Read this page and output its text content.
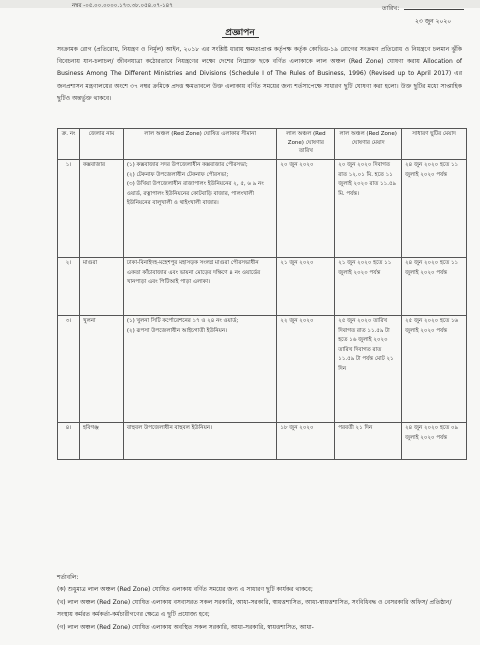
নম্বর -০৫.০০.০০০০.১৭৩.৩৮.০৫৪.০৭-১৪৭	তারিখ:
২৩ জুন ২০২০
প্রজ্ঞাপন
সংক্রামক রোগ (প্রতিরোধ, নিয়ন্ত্রণ ও নির্মূল) আইন, ২০১৮ এর সংশ্লিষ্ট ধারায় ক্ষমতাপ্রাপ্ত কর্তৃপক্ষ কর্তৃক কোভিড-১৯ রোগের সংক্রমণ প্রতিরোধ ও নিয়ন্ত্রণে চলমান ঝুঁকি বিবেচনায় যান-চলাচল/ জীবনযাত্রা কঠোরতাবে নিয়ন্ত্রণের লক্ষ্যে দেশের নিম্নোক্ত ছকে বর্ণিত এলাকাকে লাল অঞ্চল (Red Zone) ঘোষণা করায় Allocation of Business Among The Different Ministries and Divisions (Schedule I of The Rules of Business, 1996) (Revised up to April 2017) এর জনপ্রশাসন মন্ত্রণালয়ের অংশে ৩৭ নম্বর ক্রমিকে প্রদত্ত ক্ষমতাবলে উক্ত এলাকায় বর্ণিত সময়ের জন্য শর্তসাপেক্ষে সাধারণ ছুটি ঘোষণা করা হলো। উক্ত ছুটির মধ্যে সাপ্তাহিক ছুটিও অন্তর্ভুক্ত থাকবে।
ক্র. নং	জেলার নাম	লাল অঞ্চল (Red Zone) ঘোষিত এলাকার সীমানা	লাল অঞ্চল (Red Zone) ঘোষণার তারিখ	লাল অঞ্চল (Red Zone) ঘোষণার মেয়াদ	সাধারণ ছুটির মেয়াদ
১।	কক্সবাজার	(১) কক্সবাজার সদর উপজেলাধীন কক্সবাজার পৌরসভা;
(২) টেকনাফ উপজেলাধীন টেকনাফ পৌরসভা;
(৩) উখিয়া উপজেলাধীন রাজাপালং ইউনিয়নের ২, ৫, ৬ ৯ নং ওয়ার্ড, রত্নাপালং ইউনিয়নের কোটবাড়ি বাজার, পালংখালী ইউনিয়নের বালুখালী ও থাইংখালী বাজার।	২০ জুন ২০২০	২০ জুন ২০২০ দিবাগত রাত ১২.০১ মি. হতে ১১ জুলাই ২০২০ রাত ১১.৫৯ মি. পর্যন্ত।	২৪ জুন ২০২০ হতে ১১ জুলাই ২০২০ পর্যন্ত
২।	মাগুরা	ঢাকা-বিনাইদহ-মহেশপুর মহাসড়ক সংলগ্ন মাগুরা পৌরসভাধীন একতা কাঁচাবাজার এবং ভায়না মোড়ের দক্ষিণে ৪ নং ওয়ার্ডের খানপাড়া এবং পিটিআই পাড়া এলাকা।	২১ জুন ২০২০	২১ জুন ২০২০ হতে ১১ জুলাই ২০২০ পর্যন্ত	২৪ জুন ২০২০ হতে ১১ জুলাই ২০২০ পর্যন্ত
৩।	খুলনা	(১) খুলনা সিটি কর্পোরেশনের ১৭ ও ২৪ নং ওয়ার্ড;
(২) রূপসা উপজেলাধীন আইচগাতী ইউনিয়ন।	২২ জুন ২০২০	২৫ জুন ২০২০ তারিখ দিবাগত রাত ১১.৫৯ টা হতে ১৬ জুলাই ২০২০ তারিখ দিবাগত রাত ১১.৫৯ টা পর্যন্ত মোট ২১ দিন	২৫ জুন ২০২০ হতে ১৬ জুলাই ২০২০ পর্যন্ত
৪।	হবিগঞ্জ	বাহুবল উপজেলাধীন বাহুবল ইউনিয়ন।	১৮ জুন ২০২০	পরবর্তী ২১ দিন	২৪ জুন ২০২০ হতে ০৯ জুলাই ২০২০ পর্যন্ত
শর্তাবলি:

(ক) শুধুমাত্র লাল অঞ্চল (Red Zone) ঘোষিত এলাকায় বর্ণিত সময়ের জন্য এ সাধারণ ছুটি কার্যকর থাকবে;

(খ) লাল অঞ্চল (Red Zone) ঘোষিত এলাকায় বসবাসরত সকল সরকারি, আধা-সরকারি, স্বায়ত্তশাসিত, আধা-স্বায়ত্তশাসিত, সংবিধিবদ্ধ ও বেসরকারি অফিস/ প্রতিষ্ঠান/ সংস্থায় কর্মরত কর্মকর্তা-কর্মচারীগণের ক্ষেত্রে এ ছুটি প্রযোজ্য হবে;

(গ) লাল অঞ্চল (Red Zone) ঘোষিত এলাকায় অবস্থিত সকল সরকারি, আধা-সরকারি, স্বায়ত্তশাসিত, আধা-
